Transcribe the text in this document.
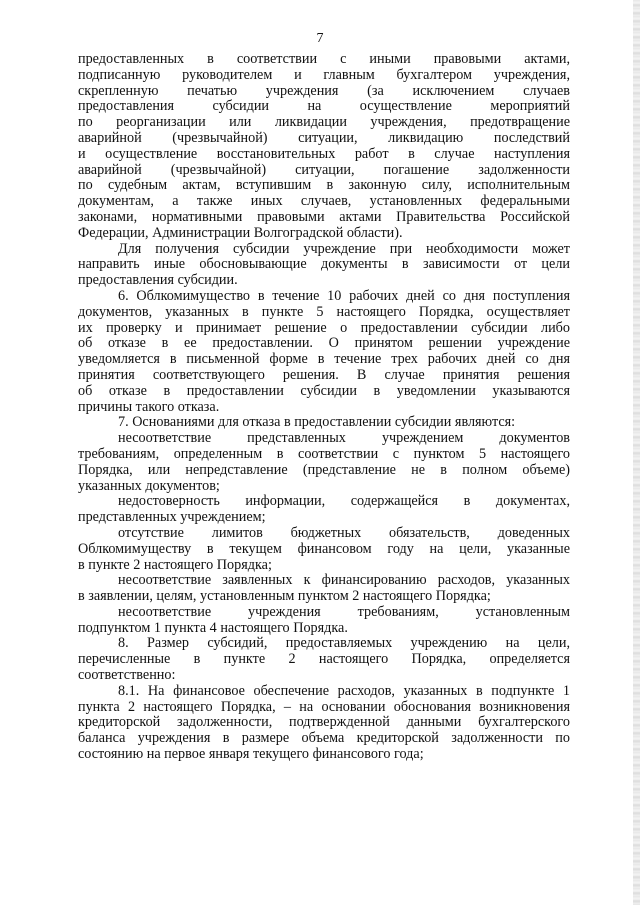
7

предоставленных в соответствии с иными правовыми актами,
подписанную руководителем и главным бухгалтером учреждения,
скрепленную печатью учреждения (за исключением случаев
предоставления субсидии на осуществление мероприятий
по реорганизации или ликвидации учреждения, предотвращение
аварийной (чрезвычайной) ситуации, ликвидацию последствий
и осуществление восстановительных работ в случае наступления
аварийной (чрезвычайной) ситуации, погашение задолженности
по судебным актам, вступившим в законную силу, исполнительным
документам, а также иных случаев, установленных федеральными
законами, нормативными правовыми актами Правительства Российской
Федерации, Администрации Волгоградской области).

Для получения субсидии учреждение при необходимости может
направить иные обосновывающие документы в зависимости от цели
предоставления субсидии.

6. Облкомимущество в течение 10 рабочих дней со дня поступления
документов, указанных в пункте 5 настоящего Порядка, осуществляет
их проверку и принимает решение о предоставлении субсидии либо
об отказе в ее предоставлении. О принятом решении учреждение
уведомляется в письменной форме в течение трех рабочих дней со дня
принятия соответствующего решения. В случае принятия решения
об отказе в предоставлении субсидии в уведомлении указываются
причины такого отказа.

7. Основаниями для отказа в предоставлении субсидии являются:

несоответствие представленных учреждением документов
требованиям, определенным в соответствии с пунктом 5 настоящего
Порядка, или непредставление (представление не в полном объеме)
указанных документов;

недостоверность информации, содержащейся в документах,
представленных учреждением;

отсутствие лимитов бюджетных обязательств, доведенных
Облкомимуществу в текущем финансовом году на цели, указанные
в пункте 2 настоящего Порядка;

несоответствие заявленных к финансированию расходов, указанных
в заявлении, целям, установленным пунктом 2 настоящего Порядка;

несоответствие учреждения требованиям, установленным
подпунктом 1 пункта 4 настоящего Порядка.

8. Размер субсидий, предоставляемых учреждению на цели,
перечисленные в пункте 2 настоящего Порядка, определяется
соответственно:

8.1. На финансовое обеспечение расходов, указанных в подпункте 1
пункта 2 настоящего Порядка, – на основании обоснования возникновения
кредиторской задолженности, подтвержденной данными бухгалтерского
баланса учреждения в размере объема кредиторской задолженности по
состоянию на первое января текущего финансового года;
